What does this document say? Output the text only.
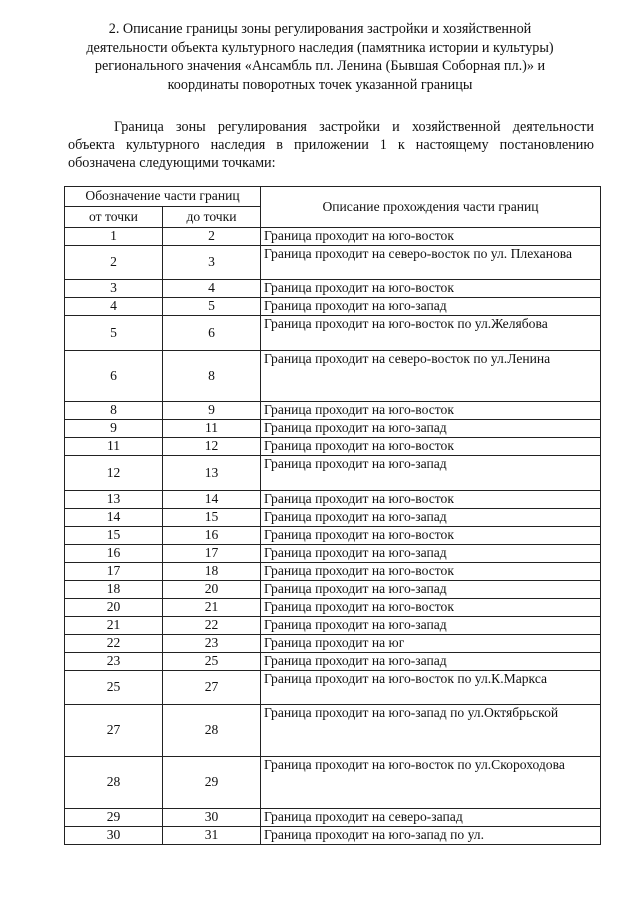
2. Описание границы зоны регулирования застройки и хозяйственной

деятельности объекта культурного наследия (памятника истории и культуры)

регионального значения «Ансамбль пл. Ленина (Бывшая Соборная пл.)» и

координаты поворотных точек указанной границы

Граница зоны регулирования застройки и хозяйственной деятельности

объекта культурного наследия в приложении 1 к настоящему постановлению

обозначена следующими точками:

Обозначение части границ		Описание прохождения части границ
от точки	до точки	
1	2	Граница проходит на юго-восток
2	3	Граница проходит на северо-восток по ул. Плеханова
3	4	Граница проходит на юго-восток
4	5	Граница проходит на юго-запад
5	6	Граница проходит на юго-восток по ул.Желябова
6	8	Граница проходит на северо-восток по ул.Ленина
8	9	Граница проходит на юго-восток
9	11	Граница проходит на юго-запад
11	12	Граница проходит на юго-восток
12	13	Граница проходит на юго-запад
13	14	Граница проходит на юго-восток
14	15	Граница проходит на юго-запад
15	16	Граница проходит на юго-восток
16	17	Граница проходит на юго-запад
17	18	Граница проходит на юго-восток
18	20	Граница проходит на юго-запад
20	21	Граница проходит на юго-восток
21	22	Граница проходит на юго-запад
22	23	Граница проходит на юг
23	25	Граница проходит на юго-запад
25	27	Граница проходит на юго-восток по ул.К.Маркса
27	28	Граница проходит на юго-запад по ул.Октябрьской
28	29	Граница проходит на юго-восток по ул.Скороходова
29	30	Граница проходит на северо-запад
30	31	Граница проходит на юго-запад по ул.
